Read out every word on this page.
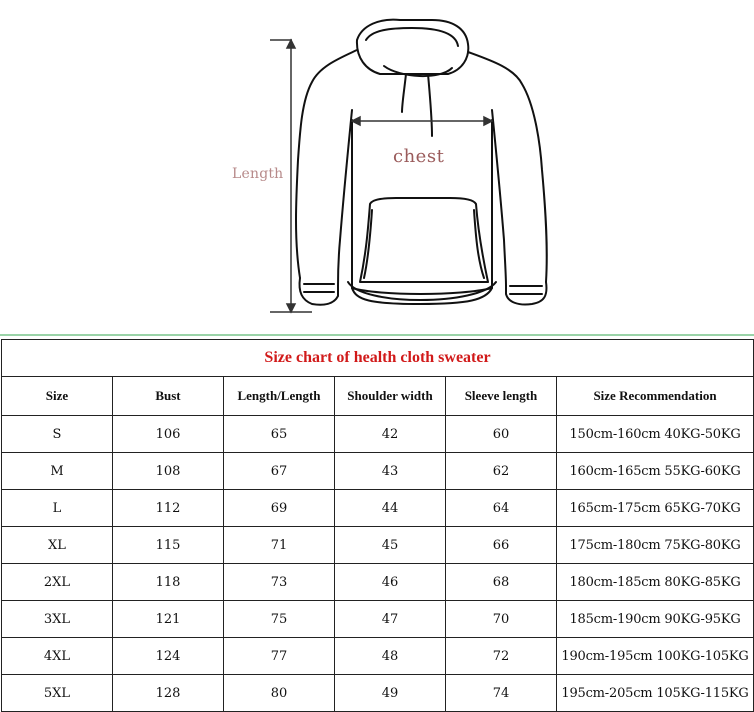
Length
chest
Size chart of health cloth sweater					
Size	Bust	Length/Length	Shoulder width	Sleeve length	Size Recommendation
S	106	65	42	60	150cm-160cm 40KG-50KG
M	108	67	43	62	160cm-165cm 55KG-60KG
L	112	69	44	64	165cm-175cm 65KG-70KG
XL	115	71	45	66	175cm-180cm 75KG-80KG
2XL	118	73	46	68	180cm-185cm 80KG-85KG
3XL	121	75	47	70	185cm-190cm 90KG-95KG
4XL	124	77	48	72	190cm-195cm 100KG-105KG
5XL	128	80	49	74	195cm-205cm 105KG-115KG
